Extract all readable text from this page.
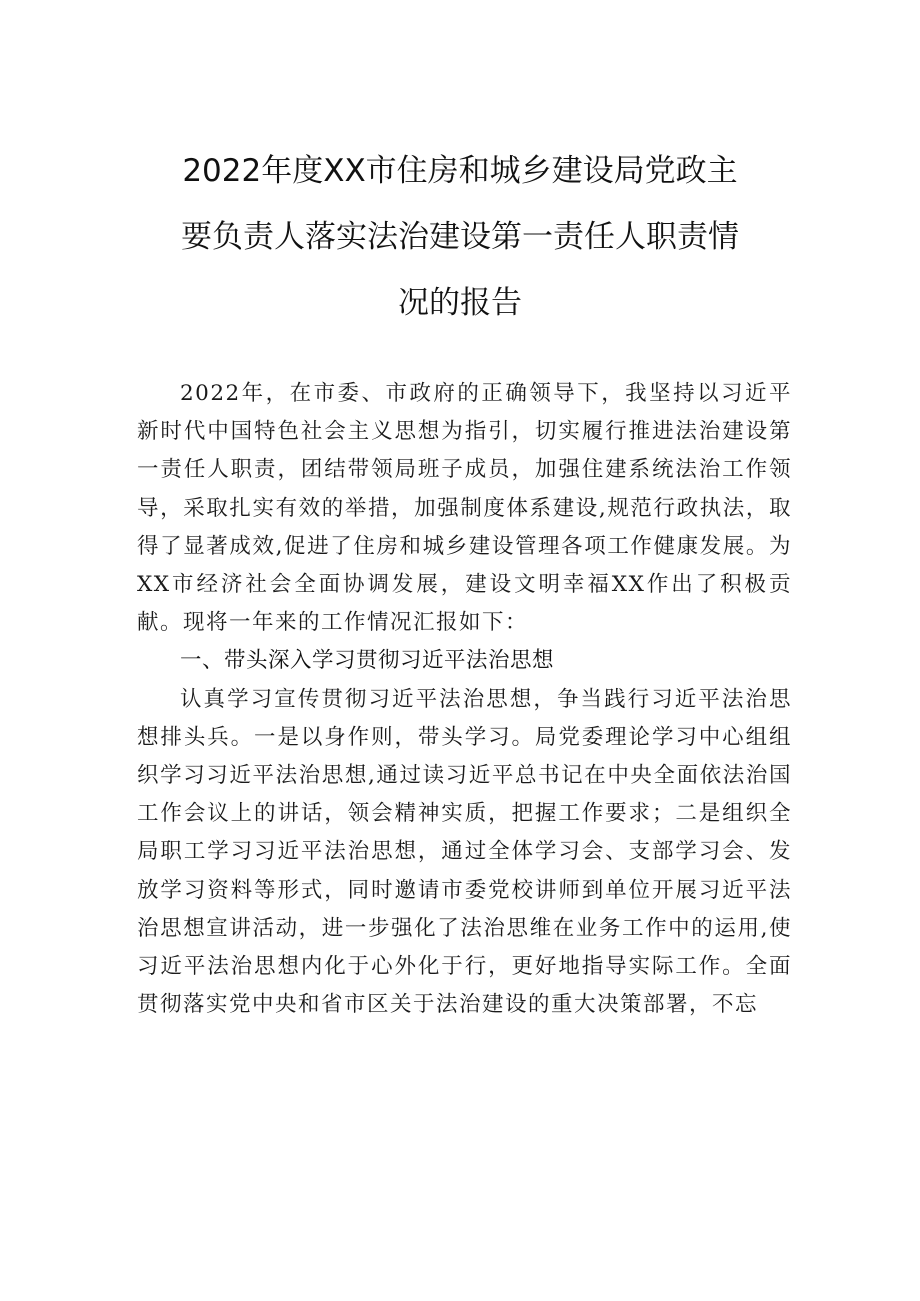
2022年度XX市住房和城乡建设局党政主
要负责人落实法治建设第一责任人职责情
况的报告

2022年，在市委、市政府的正确领导下，我坚持以习近平新时代中国特色社会主义思想为指引，切实履行推进法治建设第一责任人职责，团结带领局班子成员，加强住建系统法治工作领导，采取扎实有效的举措，加强制度体系建设,规范行政执法，取得了显著成效,促进了住房和城乡建设管理各项工作健康发展。为XX市经济社会全面协调发展，建设文明幸福XX作出了积极贡献。现将一年来的工作情况汇报如下：

一、带头深入学习贯彻习近平法治思想

认真学习宣传贯彻习近平法治思想，争当践行习近平法治思想排头兵。一是以身作则，带头学习。局党委理论学习中心组组织学习习近平法治思想,通过读习近平总书记在中央全面依法治国工作会议上的讲话，领会精神实质，把握工作要求；二是组织全局职工学习习近平法治思想，通过全体学习会、支部学习会、发放学习资料等形式，同时邀请市委党校讲师到单位开展习近平法治思想宣讲活动，进一步强化了法治思维在业务工作中的运用,使习近平法治思想内化于心外化于行，更好地指导实际工作。全面贯彻落实党中央和省市区关于法治建设的重大决策部署，不忘
